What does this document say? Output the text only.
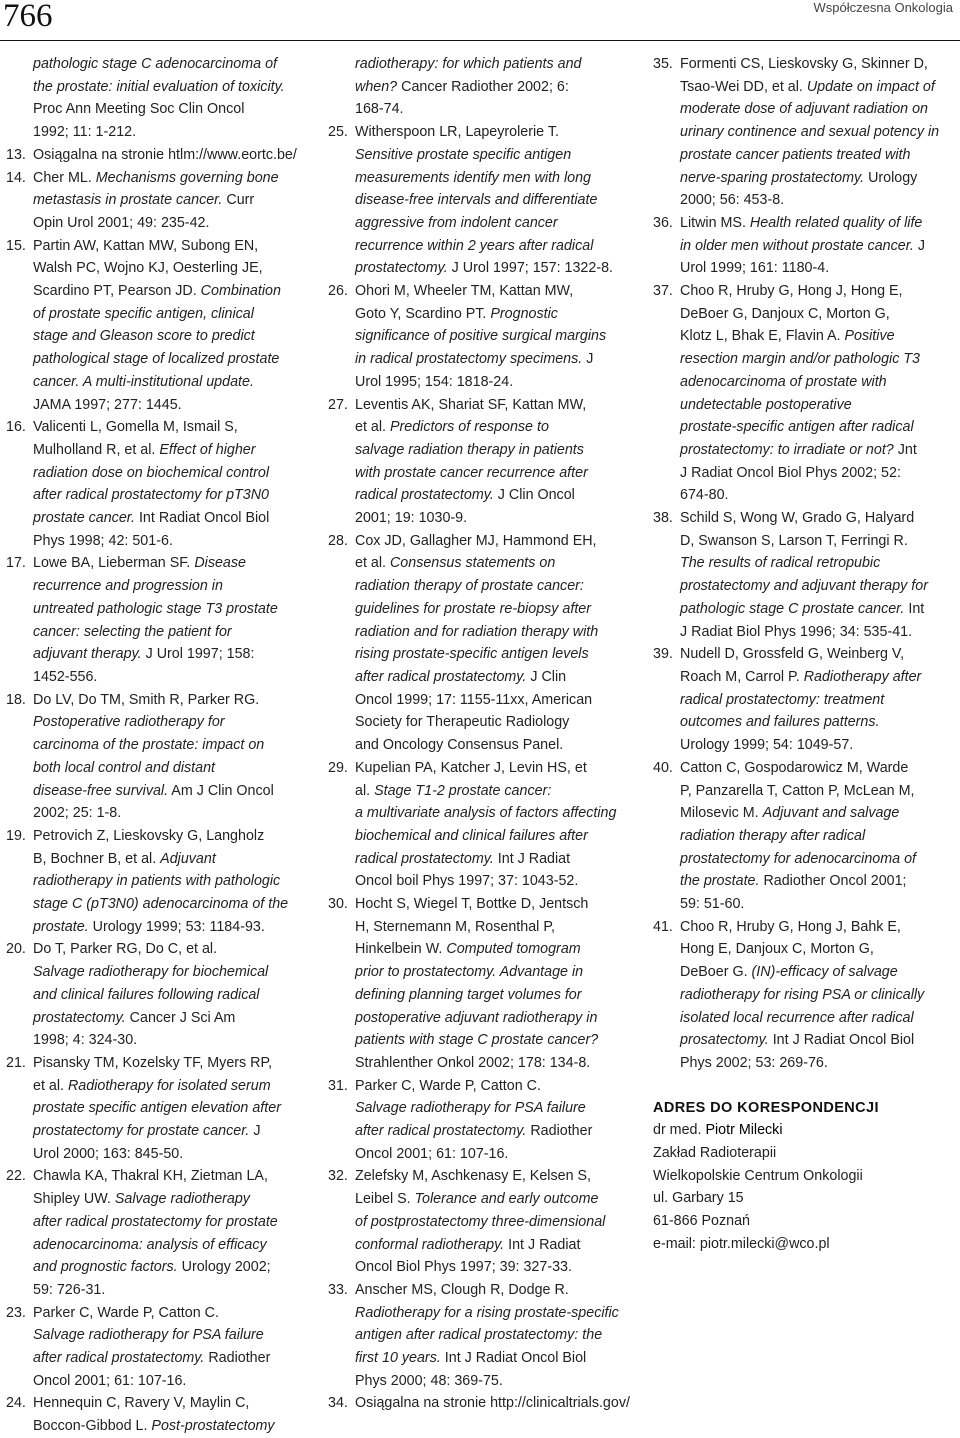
766	Współczesna Onkologia

pathologic stage C adenocarcinoma of

the prostate: initial evaluation of toxicity.

Proc Ann Meeting Soc Clin Oncol

1992; 11: 1-212.

13. Osiągalna na stronie htlm://www.eortc.be/

14. Cher ML. Mechanisms governing bone

metastasis in prostate cancer. Curr

Opin Urol 2001; 49: 235-42.

15. Partin AW, Kattan MW, Subong EN,

Walsh PC, Wojno KJ, Oesterling JE,

Scardino PT, Pearson JD. Combination

of prostate specific antigen, clinical

stage and Gleason score to predict

pathological stage of localized prostate

cancer. A multi-institutional update.

JAMA 1997; 277: 1445.

16. Valicenti L, Gomella M, Ismail S,

Mulholland R, et al. Effect of higher

radiation dose on biochemical control

after radical prostatectomy for pT3N0

prostate cancer. Int Radiat Oncol Biol

Phys 1998; 42: 501-6.

17. Lowe BA, Lieberman SF. Disease

recurrence and progression in

untreated pathologic stage T3 prostate

cancer: selecting the patient for

adjuvant therapy. J Urol 1997; 158:

1452-556.

18. Do LV, Do TM, Smith R, Parker RG.

Postoperative radiotherapy for

carcinoma of the prostate: impact on

both local control and distant

disease-free survival. Am J Clin Oncol

2002; 25: 1-8.

19. Petrovich Z, Lieskovsky G, Langholz

B, Bochner B, et al. Adjuvant

radiotherapy in patients with pathologic

stage C (pT3N0) adenocarcinoma of the

prostate. Urology 1999; 53: 1184-93.

20. Do T, Parker RG, Do C, et al.

Salvage radiotherapy for biochemical

and clinical failures following radical

prostatectomy. Cancer J Sci Am

1998; 4: 324-30.

21. Pisansky TM, Kozelsky TF, Myers RP,

et al. Radiotherapy for isolated serum

prostate specific antigen elevation after

prostatectomy for prostate cancer. J

Urol 2000; 163: 845-50.

22. Chawla KA, Thakral KH, Zietman LA,

Shipley UW. Salvage radiotherapy

after radical prostatectomy for prostate

adenocarcinoma: analysis of efficacy

and prognostic factors. Urology 2002;

59: 726-31.

23. Parker C, Warde P, Catton C.

Salvage radiotherapy for PSA failure

after radical prostatectomy. Radiother

Oncol 2001; 61: 107-16.

24. Hennequin C, Ravery V, Maylin C,

Boccon-Gibbod L. Post-prostatectomy

radiotherapy: for which patients and

when? Cancer Radiother 2002; 6:

168-74.

25. Witherspoon LR, Lapeyrolerie T.

Sensitive prostate specific antigen

measurements identify men with long

disease-free intervals and differentiate

aggressive from indolent cancer

recurrence within 2 years after radical

prostatectomy. J Urol 1997; 157: 1322-8.

26. Ohori M, Wheeler TM, Kattan MW,

Goto Y, Scardino PT. Prognostic

significance of positive surgical margins

in radical prostatectomy specimens. J

Urol 1995; 154: 1818-24.

27. Leventis AK, Shariat SF, Kattan MW,

et al. Predictors of response to

salvage radiation therapy in patients

with prostate cancer recurrence after

radical prostatectomy. J Clin Oncol

2001; 19: 1030-9.

28. Cox JD, Gallagher MJ, Hammond EH,

et al. Consensus statements on

radiation therapy of prostate cancer:

guidelines for prostate re-biopsy after

radiation and for radiation therapy with

rising prostate-specific antigen levels

after radical prostatectomy. J Clin

Oncol 1999; 17: 1155-11xx, American

Society for Therapeutic Radiology

and Oncology Consensus Panel.

29. Kupelian PA, Katcher J, Levin HS, et

al. Stage T1-2 prostate cancer:

a multivariate analysis of factors affecting

biochemical and clinical failures after

radical prostatectomy. Int J Radiat

Oncol boil Phys 1997; 37: 1043-52.

30. Hocht S, Wiegel T, Bottke D, Jentsch

H, Sternemann M, Rosenthal P,

Hinkelbein W. Computed tomogram

prior to prostatectomy. Advantage in

defining planning target volumes for

postoperative adjuvant radiotherapy in

patients with stage C prostate cancer?

Strahlenther Onkol 2002; 178: 134-8.

31. Parker C, Warde P, Catton C.

Salvage radiotherapy for PSA failure

after radical prostatectomy. Radiother

Oncol 2001; 61: 107-16.

32. Zelefsky M, Aschkenasy E, Kelsen S,

Leibel S. Tolerance and early outcome

of postprostatectomy three-dimensional

conformal radiotherapy. Int J Radiat

Oncol Biol Phys 1997; 39: 327-33.

33. Anscher MS, Clough R, Dodge R.

Radiotherapy for a rising prostate-specific

antigen after radical prostatectomy: the

first 10 years. Int J Radiat Oncol Biol

Phys 2000; 48: 369-75.

34. Osiągalna na stronie http://clinicaltrials.gov/

35. Formenti CS, Lieskovsky G, Skinner D,

Tsao-Wei DD, et al. Update on impact of

moderate dose of adjuvant radiation on

urinary continence and sexual potency in

prostate cancer patients treated with

nerve-sparing prostatectomy. Urology

2000; 56: 453-8.

36. Litwin MS. Health related quality of life

in older men without prostate cancer. J

Urol 1999; 161: 1180-4.

37. Choo R, Hruby G, Hong J, Hong E,

DeBoer G, Danjoux C, Morton G,

Klotz L, Bhak E, Flavin A. Positive

resection margin and/or pathologic T3

adenocarcinoma of prostate with

undetectable postoperative

prostate-specific antigen after radical

prostatectomy: to irradiate or not? Jnt

J Radiat Oncol Biol Phys 2002; 52:

674-80.

38. Schild S, Wong W, Grado G, Halyard

D, Swanson S, Larson T, Ferringi R.

The results of radical retropubic

prostatectomy and adjuvant therapy for

pathologic stage C prostate cancer. Int

J Radiat Biol Phys 1996; 34: 535-41.

39. Nudell D, Grossfeld G, Weinberg V,

Roach M, Carrol P. Radiotherapy after

radical prostatectomy: treatment

outcomes and failures patterns.

Urology 1999; 54: 1049-57.

40. Catton C, Gospodarowicz M, Warde

P, Panzarella T, Catton P, McLean M,

Milosevic M. Adjuvant and salvage

radiation therapy after radical

prostatectomy for adenocarcinoma of

the prostate. Radiother Oncol 2001;

59: 51-60.

41. Choo R, Hruby G, Hong J, Bahk E,

Hong E, Danjoux C, Morton G,

DeBoer G. (IN)-efficacy of salvage

radiotherapy for rising PSA or clinically

isolated local recurrence after radical

prosatectomy. Int J Radiat Oncol Biol

Phys 2002; 53: 269-76.

ADRES DO KORESPONDENCJI

dr med. Piotr Milecki

Zakład Radioterapii

Wielkopolskie Centrum Onkologii

ul. Garbary 15

61-866 Poznań

e-mail: piotr.milecki@wco.pl
